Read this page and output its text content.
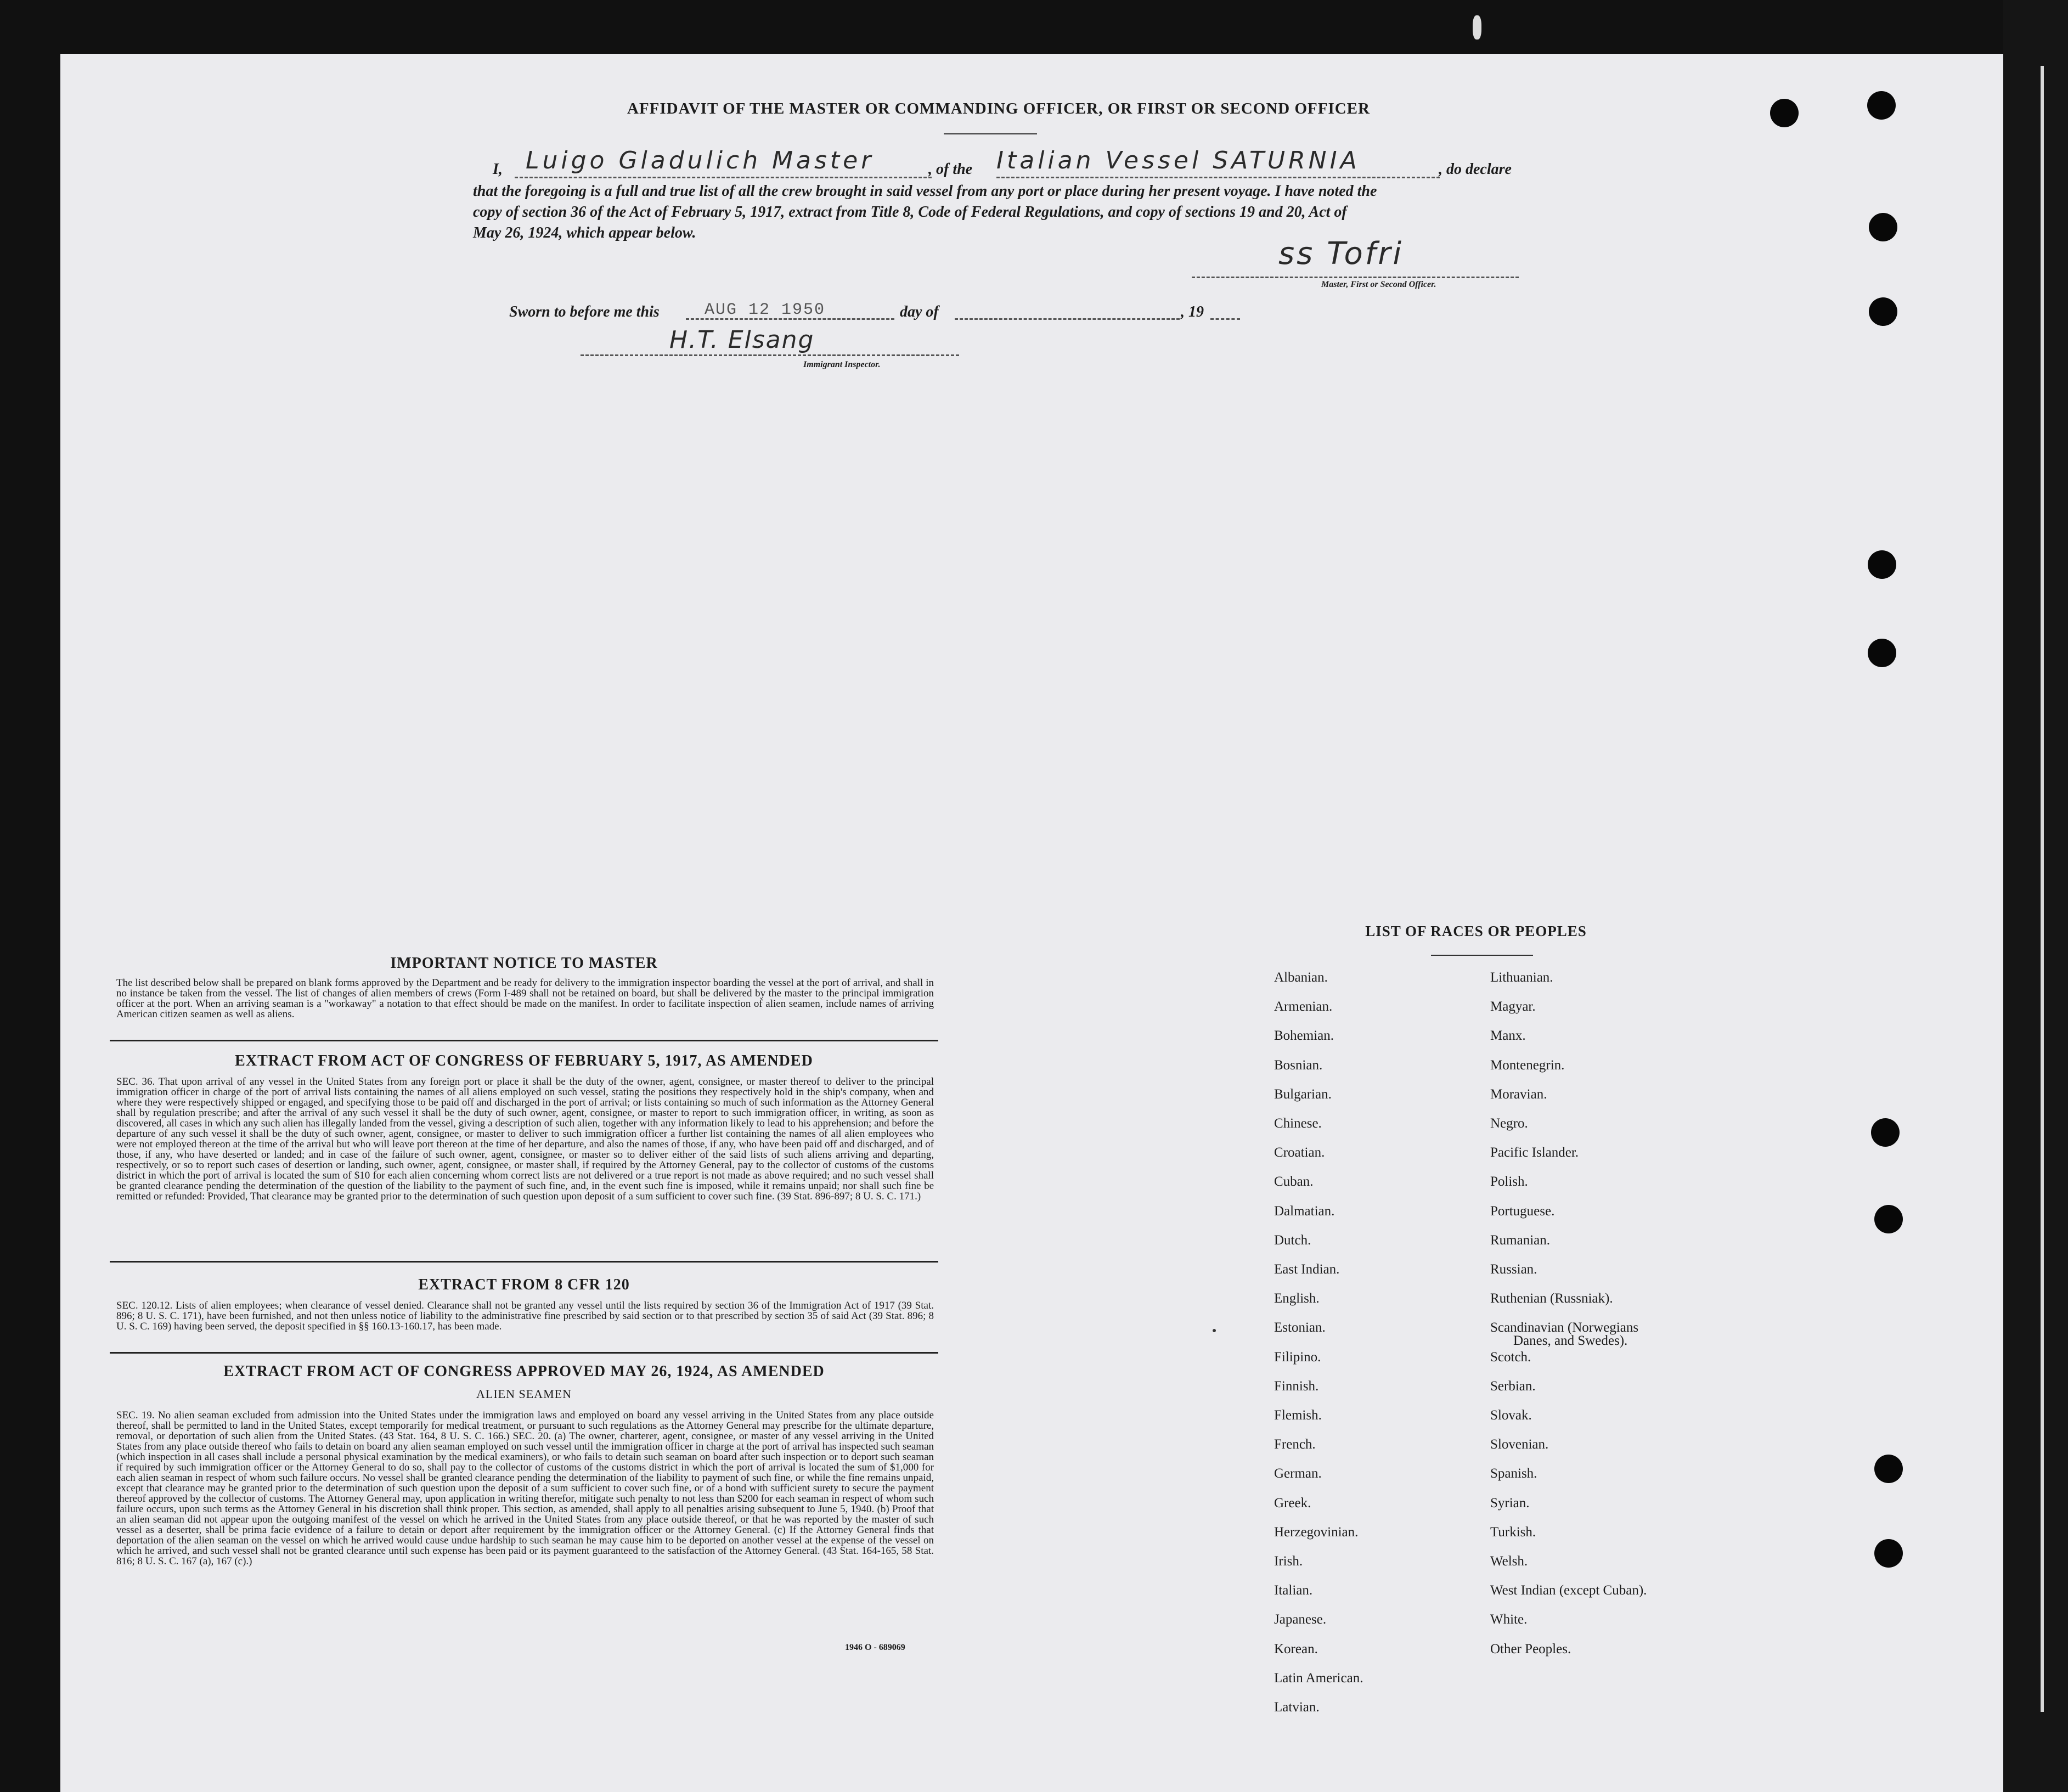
AFFIDAVIT OF THE MASTER OR COMMANDING OFFICER, OR FIRST OR SECOND OFFICER
I, Luigo Gladulich Master	, of the Italian Vessel SATURNIA	, do declare
that the foregoing is a full and true list of all the crew brought in said vessel from any port or place during her present voyage. I have noted the
copy of section 36 of the Act of February 5, 1917, extract from Title 8, Code of Federal Regulations, and copy of sections 19 and 20, Act of
May 26, 1924, which appear below.
ss Tofri
Master, First or Second Officer.
Sworn to before me this	AUG 12 1950	day of	, 19
H.T. Elsang
Immigrant Inspector.
IMPORTANT NOTICE TO MASTER
The list described below shall be prepared on blank forms approved by the Department and be ready for delivery to the immigration inspector boarding the vessel at the port of arrival, and shall in no instance be taken from the vessel. The list of changes of alien members of crews (Form I-489 shall not be retained on board, but shall be delivered by the master to the principal immigration officer at the port. When an arriving seaman is a "workaway" a notation to that effect should be made on the manifest. In order to facilitate inspection of alien seamen, include names of arriving American citizen seamen as well as aliens.
EXTRACT FROM ACT OF CONGRESS OF FEBRUARY 5, 1917, AS AMENDED
SEC. 36. That upon arrival of any vessel in the United States from any foreign port or place it shall be the duty of the owner, agent, consignee, or master thereof to deliver to the principal immigration officer in charge of the port of arrival lists containing the names of all aliens employed on such vessel, stating the positions they respectively hold in the ship's company, when and where they were respectively shipped or engaged, and specifying those to be paid off and discharged in the port of arrival; or lists containing so much of such information as the Attorney General shall by regulation prescribe; and after the arrival of any such vessel it shall be the duty of such owner, agent, consignee, or master to report to such immigration officer, in writing, as soon as discovered, all cases in which any such alien has illegally landed from the vessel, giving a description of such alien, together with any information likely to lead to his apprehension; and before the departure of any such vessel it shall be the duty of such owner, agent, consignee, or master to deliver to such immigration officer a further list containing the names of all alien employees who were not employed thereon at the time of the arrival but who will leave port thereon at the time of her departure, and also the names of those, if any, who have been paid off and discharged, and of those, if any, who have deserted or landed; and in case of the failure of such owner, agent, consignee, or master so to deliver either of the said lists of such aliens arriving and departing, respectively, or so to report such cases of desertion or landing, such owner, agent, consignee, or master shall, if required by the Attorney General, pay to the collector of customs of the customs district in which the port of arrival is located the sum of $10 for each alien concerning whom correct lists are not delivered or a true report is not made as above required; and no such vessel shall be granted clearance pending the determination of the question of the liability to the payment of such fine, and, in the event such fine is imposed, while it remains unpaid; nor shall such fine be remitted or refunded: Provided, That clearance may be granted prior to the determination of such question upon deposit of a sum sufficient to cover such fine. (39 Stat. 896-897; 8 U. S. C. 171.)
EXTRACT FROM 8 CFR 120
SEC. 120.12. Lists of alien employees; when clearance of vessel denied. Clearance shall not be granted any vessel until the lists required by section 36 of the Immigration Act of 1917 (39 Stat. 896; 8 U. S. C. 171), have been furnished, and not then unless notice of liability to the administrative fine prescribed by said section or to that prescribed by section 35 of said Act (39 Stat. 896; 8 U. S. C. 169) having been served, the deposit specified in §§ 160.13-160.17, has been made.
EXTRACT FROM ACT OF CONGRESS APPROVED MAY 26, 1924, AS AMENDED
ALIEN SEAMEN
SEC. 19. No alien seaman excluded from admission into the United States under the immigration laws and employed on board any vessel arriving in the United States from any place outside thereof, shall be permitted to land in the United States, except temporarily for medical treatment, or pursuant to such regulations as the Attorney General may prescribe for the ultimate departure, removal, or deportation of such alien from the United States. (43 Stat. 164, 8 U. S. C. 166.) SEC. 20. (a) The owner, charterer, agent, consignee, or master of any vessel arriving in the United States from any place outside thereof who fails to detain on board any alien seaman employed on such vessel until the immigration officer in charge at the port of arrival has inspected such seaman (which inspection in all cases shall include a personal physical examination by the medical examiners), or who fails to detain such seaman on board after such inspection or to deport such seaman if required by such immigration officer or the Attorney General to do so, shall pay to the collector of customs of the customs district in which the port of arrival is located the sum of $1,000 for each alien seaman in respect of whom such failure occurs. No vessel shall be granted clearance pending the determination of the liability to payment of such fine, or while the fine remains unpaid, except that clearance may be granted prior to the determination of such question upon the deposit of a sum sufficient to cover such fine, or of a bond with sufficient surety to secure the payment thereof approved by the collector of customs. The Attorney General may, upon application in writing therefor, mitigate such penalty to not less than $200 for each seaman in respect of whom such failure occurs, upon such terms as the Attorney General in his discretion shall think proper. This section, as amended, shall apply to all penalties arising subsequent to June 5, 1940. (b) Proof that an alien seaman did not appear upon the outgoing manifest of the vessel on which he arrived in the United States from any place outside thereof, or that he was reported by the master of such vessel as a deserter, shall be prima facie evidence of a failure to detain or deport after requirement by the immigration officer or the Attorney General. (c) If the Attorney General finds that deportation of the alien seaman on the vessel on which he arrived would cause undue hardship to such seaman he may cause him to be deported on another vessel at the expense of the vessel on which he arrived, and such vessel shall not be granted clearance until such expense has been paid or its payment guaranteed to the satisfaction of the Attorney General. (43 Stat. 164-165, 58 Stat. 816; 8 U. S. C. 167 (a), 167 (c).)
1946 O - 689069
LIST OF RACES OR PEOPLES
Albanian.
Armenian.
Bohemian.
Bosnian.
Bulgarian.
Chinese.
Croatian.
Cuban.
Dalmatian.
Dutch.
East Indian.
English.
Estonian.
Filipino.
Finnish.
Flemish.
French.
German.
Greek.
Herzegovinian.
Irish.
Italian.
Japanese.
Korean.
Latin American.
Latvian.
Lithuanian.
Magyar.
Manx.
Montenegrin.
Moravian.
Negro.
Pacific Islander.
Polish.
Portuguese.
Rumanian.
Russian.
Ruthenian (Russniak).
Scandinavian (Norwegians
Danes, and Swedes).
Scotch.
Serbian.
Slovak.
Slovenian.
Spanish.
Syrian.
Turkish.
Welsh.
West Indian (except Cuban).
White.
Other Peoples.
